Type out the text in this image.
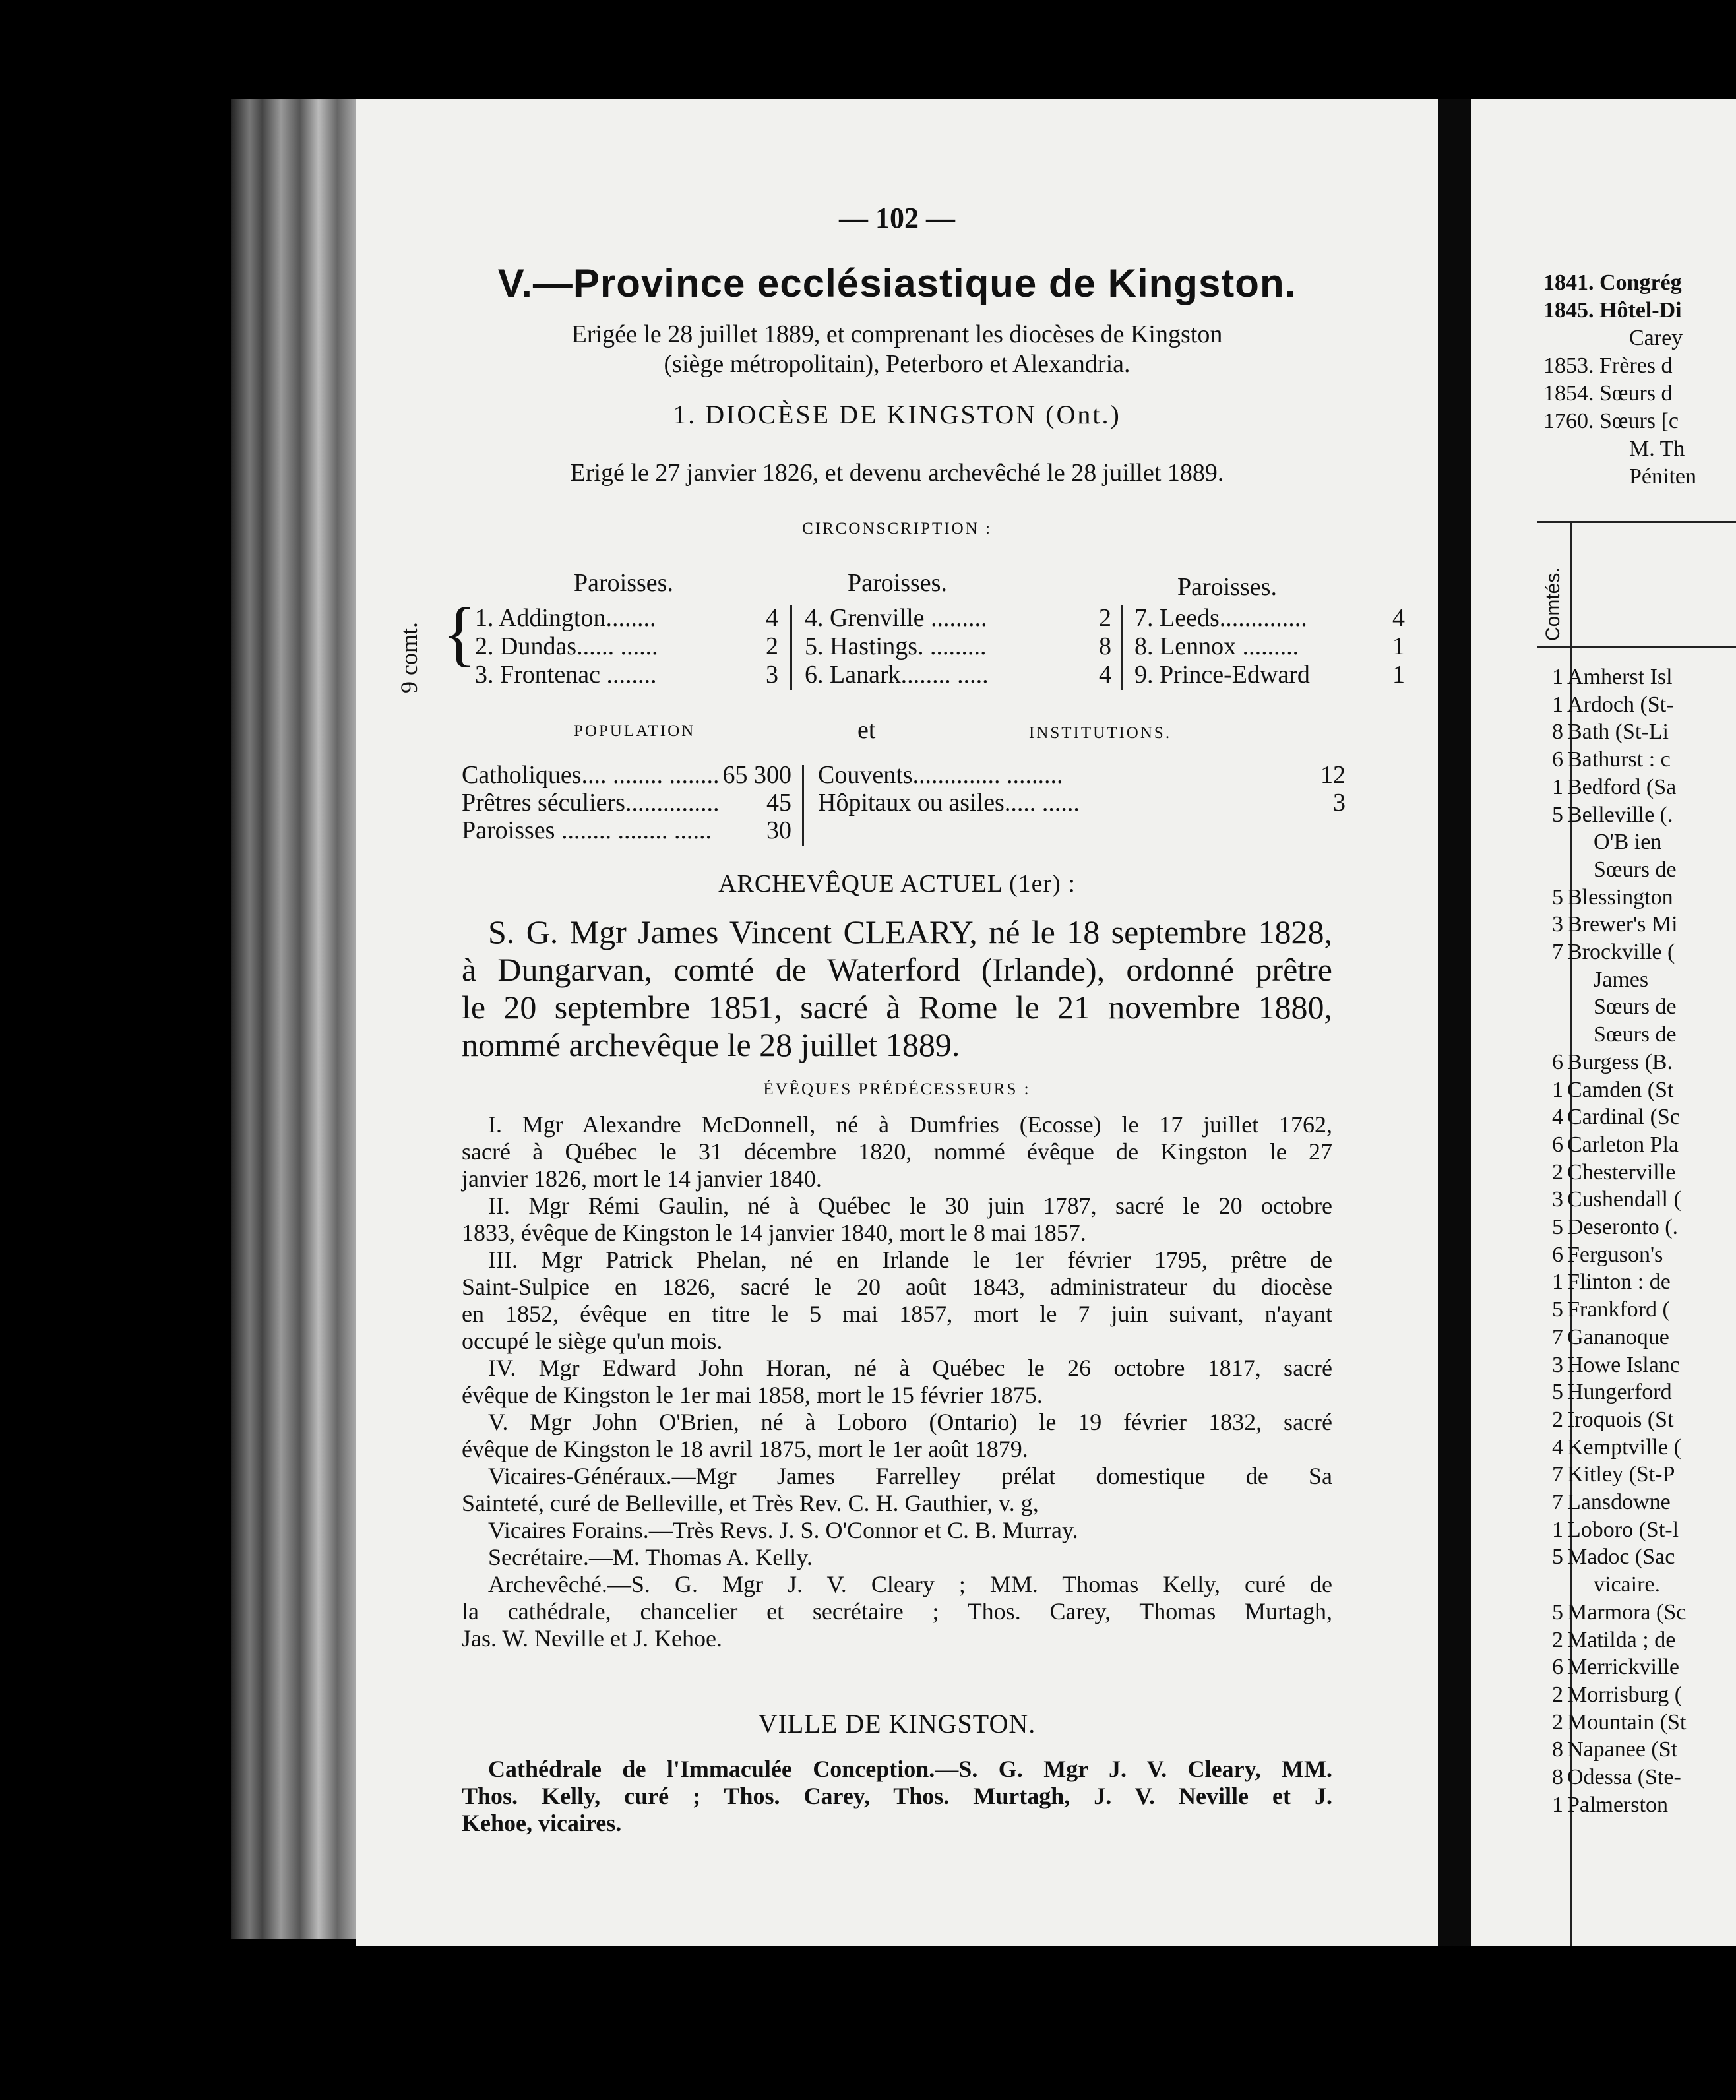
— 102 —
V.—Province ecclésiastique de Kingston.
Erigée le 28 juillet 1889, et comprenant les diocèses de Kingston
(siège métropolitain), Peterboro et Alexandria.
1. DIOCÈSE DE KINGSTON (Ont.)
Erigé le 27 janvier 1826, et devenu archevêché le 28 juillet 1889.
CIRCONSCRIPTION :
9 comt. {
Paroisses.	Paroisses.	Paroisses.
1. Addington........	4
2. Dundas...... ......	2
3. Frontenac ........	3
4. Grenville .........	2
5. Hastings. .........	8
6. Lanark........ .....	4
7. Leeds..............	4
8. Lennox .........	1
9. Prince-Edward	1
POPULATION	et	INSTITUTIONS.
Catholiques.... ........ ........ 65 300
Prêtres séculiers............... 45
Paroisses ........ ........ ...... 30
Couvents.............. .........	12
Hôpitaux ou asiles..... ......	3
ARCHEVÊQUE ACTUEL (1er) :
S. G. Mgr James Vincent CLEARY, né le 18 septembre 1828,
à Dungarvan, comté de Waterford (Irlande), ordonné prêtre
le 20 septembre 1851, sacré à Rome le 21 novembre 1880,
nommé archevêque le 28 juillet 1889.
ÉVÊQUES PRÉDÉCESSEURS :
I. Mgr Alexandre McDonnell, né à Dumfries (Ecosse) le 17 juillet 1762,
sacré à Québec le 31 décembre 1820, nommé évêque de Kingston le 27
janvier 1826, mort le 14 janvier 1840.
II. Mgr Rémi Gaulin, né à Québec le 30 juin 1787, sacré le 20 octobre
1833, évêque de Kingston le 14 janvier 1840, mort le 8 mai 1857.
III. Mgr Patrick Phelan, né en Irlande le 1er février 1795, prêtre de
Saint-Sulpice en 1826, sacré le 20 août 1843, administrateur du diocèse
en 1852, évêque en titre le 5 mai 1857, mort le 7 juin suivant, n'ayant
occupé le siège qu'un mois.
IV. Mgr Edward John Horan, né à Québec le 26 octobre 1817, sacré
évêque de Kingston le 1er mai 1858, mort le 15 février 1875.
V. Mgr John O'Brien, né à Loboro (Ontario) le 19 février 1832, sacré
évêque de Kingston le 18 avril 1875, mort le 1er août 1879.
Vicaires-Généraux.—Mgr James Farrelley prélat domestique de Sa
Sainteté, curé de Belleville, et Très Rev. C. H. Gauthier, v. g,
Vicaires Forains.—Très Revs. J. S. O'Connor et C. B. Murray.
Secrétaire.—M. Thomas A. Kelly.
Archevêché.—S. G. Mgr J. V. Cleary ; MM. Thomas Kelly, curé de
la cathédrale, chancelier et secrétaire ; Thos. Carey, Thomas Murtagh,
Jas. W. Neville et J. Kehoe.
VILLE DE KINGSTON.
Cathédrale de l'Immaculée Conception.—S. G. Mgr J. V. Cleary, MM.
Thos. Kelly, curé ; Thos. Carey, Thos. Murtagh, J. V. Neville et J.
Kehoe, vicaires.
1841. Congrég
1845. Hôtel-Di
Carey
1853. Frères d
1854. Sœurs d
1760. Sœurs [c
M. Th
Péniten
Comtés.
1 Amherst Isl
1 Ardoch (St-
8 Bath (St-Li
6 Bathurst : c
1 Bedford (Sa
5 Belleville (.
O'B ien
Sœurs de
5 Blessington
3 Brewer's Mi
7 Brockville (
James
Sœurs de
Sœurs de
6 Burgess (B.
1 Camden (St
4 Cardinal (Sc
6 Carleton Pla
2 Chesterville
3 Cushendall (
5 Deseronto (.
6 Ferguson's
1 Flinton : de
5 Frankford (
7 Gananoque
3 Howe Islanc
5 Hungerford
2 Iroquois (St
4 Kemptville (
7 Kitley (St-P
7 Lansdowne
1 Loboro (St-l
5 Madoc (Sac
vicaire.
5 Marmora (Sc
2 Matilda ; de
6 Merrickville
2 Morrisburg (
2 Mountain (St
8 Napanee (St
8 Odessa (Ste-
1 Palmerston
